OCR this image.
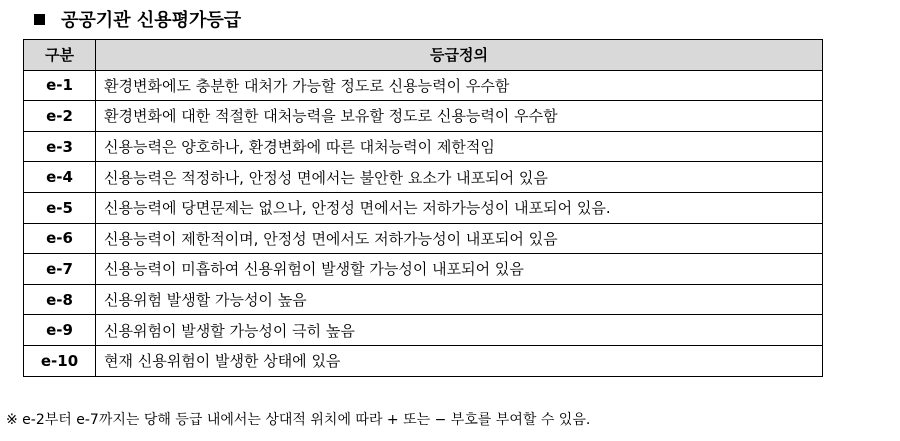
공공기관 신용평가등급
구분	등급정의
e-1	환경변화에도 충분한 대처가 가능할 정도로 신용능력이 우수함
e-2	환경변화에 대한 적절한 대처능력을 보유할 정도로 신용능력이 우수함
e-3	신용능력은 양호하나, 환경변화에 따른 대처능력이 제한적임
e-4	신용능력은 적정하나, 안정성 면에서는 불안한 요소가 내포되어 있음
e-5	신용능력에 당면문제는 없으나, 안정성 면에서는 저하가능성이 내포되어 있음.
e-6	신용능력이 제한적이며, 안정성 면에서도 저하가능성이 내포되어 있음
e-7	신용능력이 미흡하여 신용위험이 발생할 가능성이 내포되어 있음
e-8	신용위험 발생할 가능성이 높음
e-9	신용위험이 발생할 가능성이 극히 높음
e-10	현재 신용위험이 발생한 상태에 있음
※ e-2부터 e-7까지는 당해 등급 내에서는 상대적 위치에 따라 + 또는 − 부호를 부여할 수 있음.
